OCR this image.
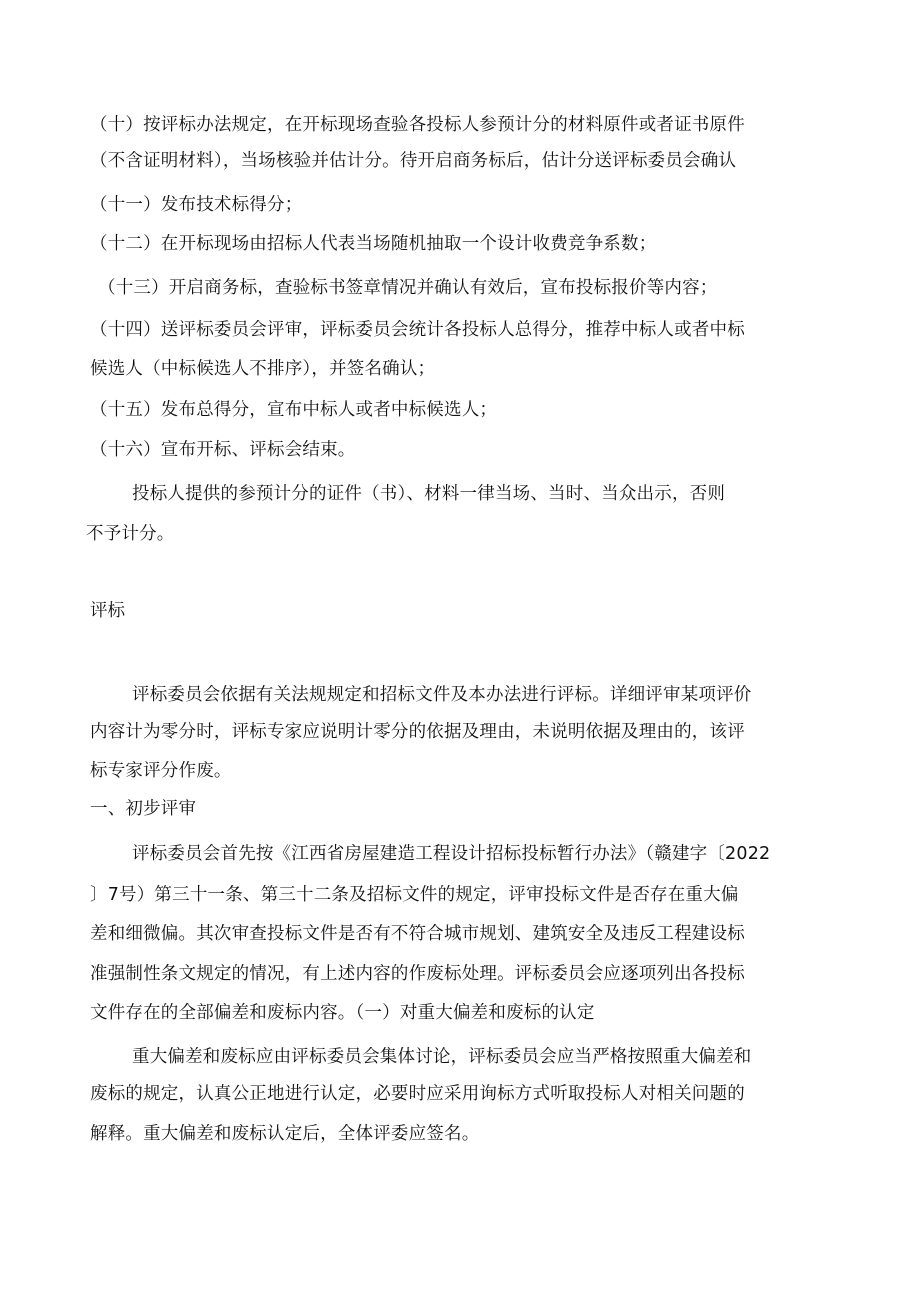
（十）按评标办法规定，在开标现场查验各投标人参预计分的材料原件或者证书原件
（不含证明材料），当场核验并估计分。待开启商务标后，估计分送评标委员会确认
（十一）发布技术标得分；
（十二）在开标现场由招标人代表当场随机抽取一个设计收费竞争系数；
（十三）开启商务标，查验标书签章情况并确认有效后，宣布投标报价等内容；
（十四）送评标委员会评审，评标委员会统计各投标人总得分，推荐中标人或者中标
候选人（中标候选人不排序），并签名确认；
（十五）发布总得分，宣布中标人或者中标候选人；
（十六）宣布开标、评标会结束。
投标人提供的参预计分的证件（书）、材料一律当场、当时、当众出示，否则
不予计分。
评标
评标委员会依据有关法规规定和招标文件及本办法进行评标。详细评审某项评价
内容计为零分时，评标专家应说明计零分的依据及理由，未说明依据及理由的，该评
标专家评分作废。
一、初步评审
评标委员会首先按《江西省房屋建造工程设计招标投标暂行办法》（赣建字〔2022
〕7号）第三十一条、第三十二条及招标文件的规定，评审投标文件是否存在重大偏
差和细微偏。其次审查投标文件是否有不符合城市规划、建筑安全及违反工程建设标
准强制性条文规定的情况，有上述内容的作废标处理。评标委员会应逐项列出各投标
文件存在的全部偏差和废标内容。（一）对重大偏差和废标的认定
重大偏差和废标应由评标委员会集体讨论，评标委员会应当严格按照重大偏差和
废标的规定，认真公正地进行认定，必要时应采用询标方式听取投标人对相关问题的
解释。重大偏差和废标认定后，全体评委应签名。
